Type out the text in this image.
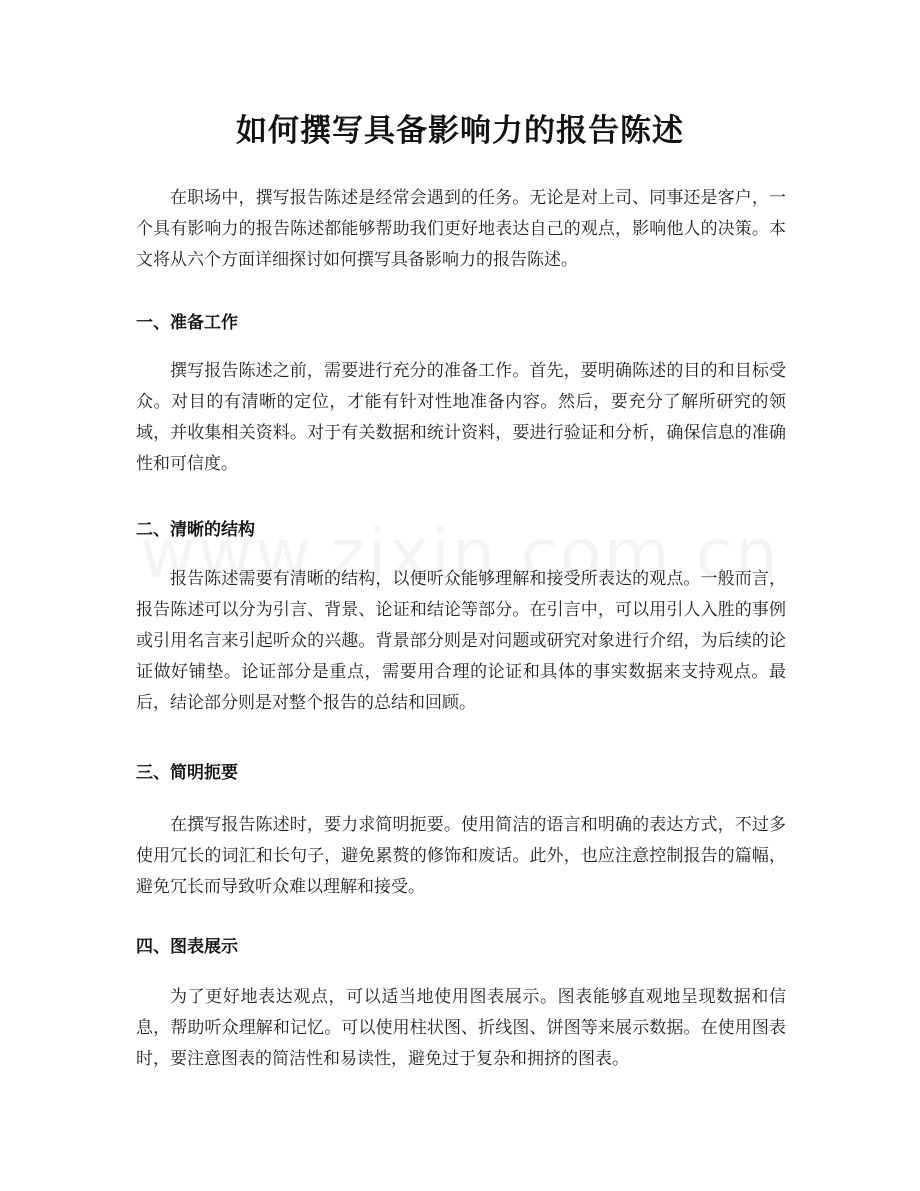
如何撰写具备影响力的报告陈述

在职场中，撰写报告陈述是经常会遇到的任务。无论是对上司、同事还是客户，一个具有影响力的报告陈述都能够帮助我们更好地表达自己的观点，影响他人的决策。本文将从六个方面详细探讨如何撰写具备影响力的报告陈述。

一、准备工作

撰写报告陈述之前，需要进行充分的准备工作。首先，要明确陈述的目的和目标受众。对目的有清晰的定位，才能有针对性地准备内容。然后，要充分了解所研究的领域，并收集相关资料。对于有关数据和统计资料，要进行验证和分析，确保信息的准确性和可信度。

二、清晰的结构

报告陈述需要有清晰的结构，以便听众能够理解和接受所表达的观点。一般而言，报告陈述可以分为引言、背景、论证和结论等部分。在引言中，可以用引人入胜的事例或引用名言来引起听众的兴趣。背景部分则是对问题或研究对象进行介绍，为后续的论证做好铺垫。论证部分是重点，需要用合理的论证和具体的事实数据来支持观点。最后，结论部分则是对整个报告的总结和回顾。

三、简明扼要

在撰写报告陈述时，要力求简明扼要。使用简洁的语言和明确的表达方式，不过多使用冗长的词汇和长句子，避免累赘的修饰和废话。此外，也应注意控制报告的篇幅，避免冗长而导致听众难以理解和接受。

四、图表展示

为了更好地表达观点，可以适当地使用图表展示。图表能够直观地呈现数据和信息，帮助听众理解和记忆。可以使用柱状图、折线图、饼图等来展示数据。在使用图表时，要注意图表的简洁性和易读性，避免过于复杂和拥挤的图表。
